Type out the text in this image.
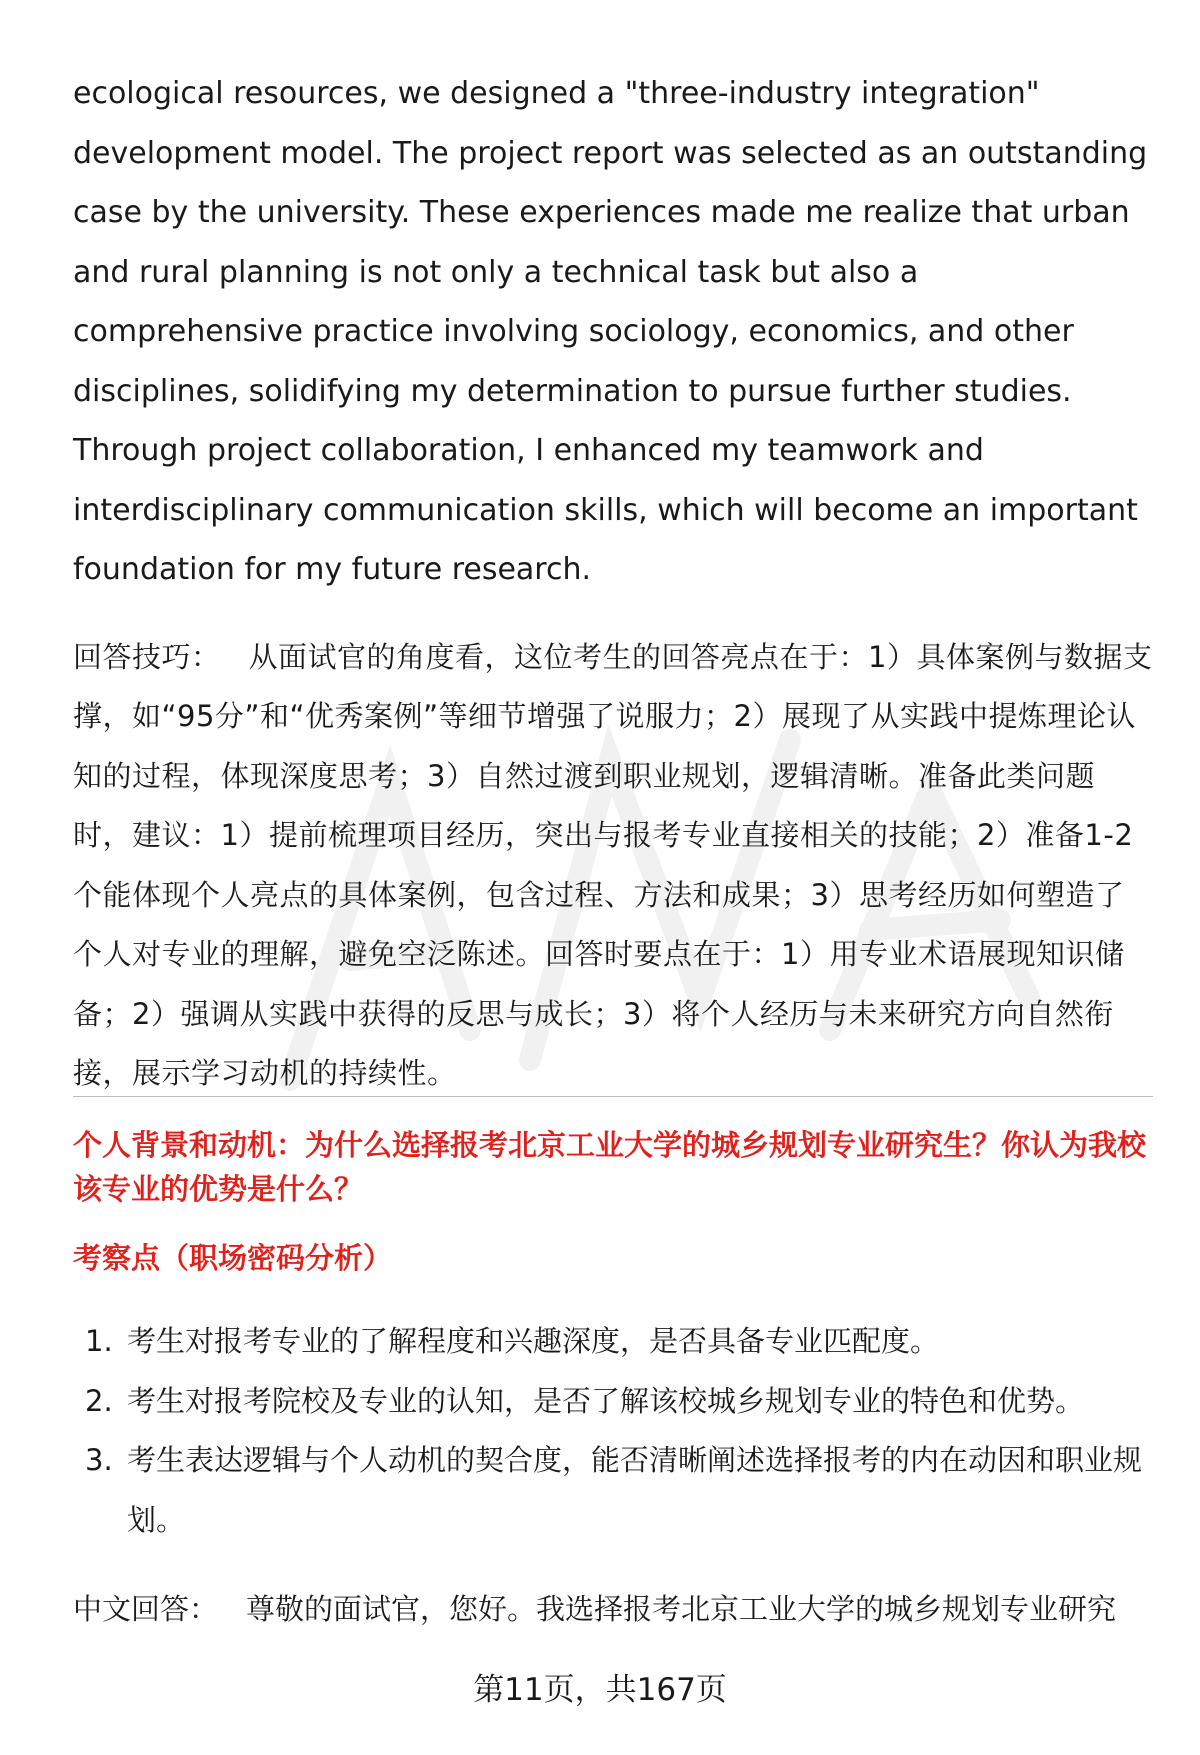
ecological resources, we designed a "three-industry integration" development model. The project report was selected as an outstanding case by the university. These experiences made me realize that urban and rural planning is not only a technical task but also a comprehensive practice involving sociology, economics, and other disciplines, solidifying my determination to pursue further studies. Through project collaboration, I enhanced my teamwork and interdisciplinary communication skills, which will become an important foundation for my future research.

回答技巧： 从面试官的角度看，这位考生的回答亮点在于：1）具体案例与数据支撑，如“95分”和“优秀案例”等细节增强了说服力；2）展现了从实践中提炼理论认知的过程，体现深度思考；3）自然过渡到职业规划，逻辑清晰。准备此类问题时，建议：1）提前梳理项目经历，突出与报考专业直接相关的技能；2）准备1-2个能体现个人亮点的具体案例，包含过程、方法和成果；3）思考经历如何塑造了个人对专业的理解，避免空泛陈述。回答时要点在于：1）用专业术语展现知识储备；2）强调从实践中获得的反思与成长；3）将个人经历与未来研究方向自然衔接，展示学习动机的持续性。

个人背景和动机：为什么选择报考北京工业大学的城乡规划专业研究生？你认为我校该专业的优势是什么？

考察点（职场密码分析）

1. 考生对报考专业的了解程度和兴趣深度，是否具备专业匹配度。
2. 考生对报考院校及专业的认知，是否了解该校城乡规划专业的特色和优势。
3. 考生表达逻辑与个人动机的契合度，能否清晰阐述选择报考的内在动因和职业规划。

中文回答： 尊敬的面试官，您好。我选择报考北京工业大学的城乡规划专业研究

第11页，共167页
